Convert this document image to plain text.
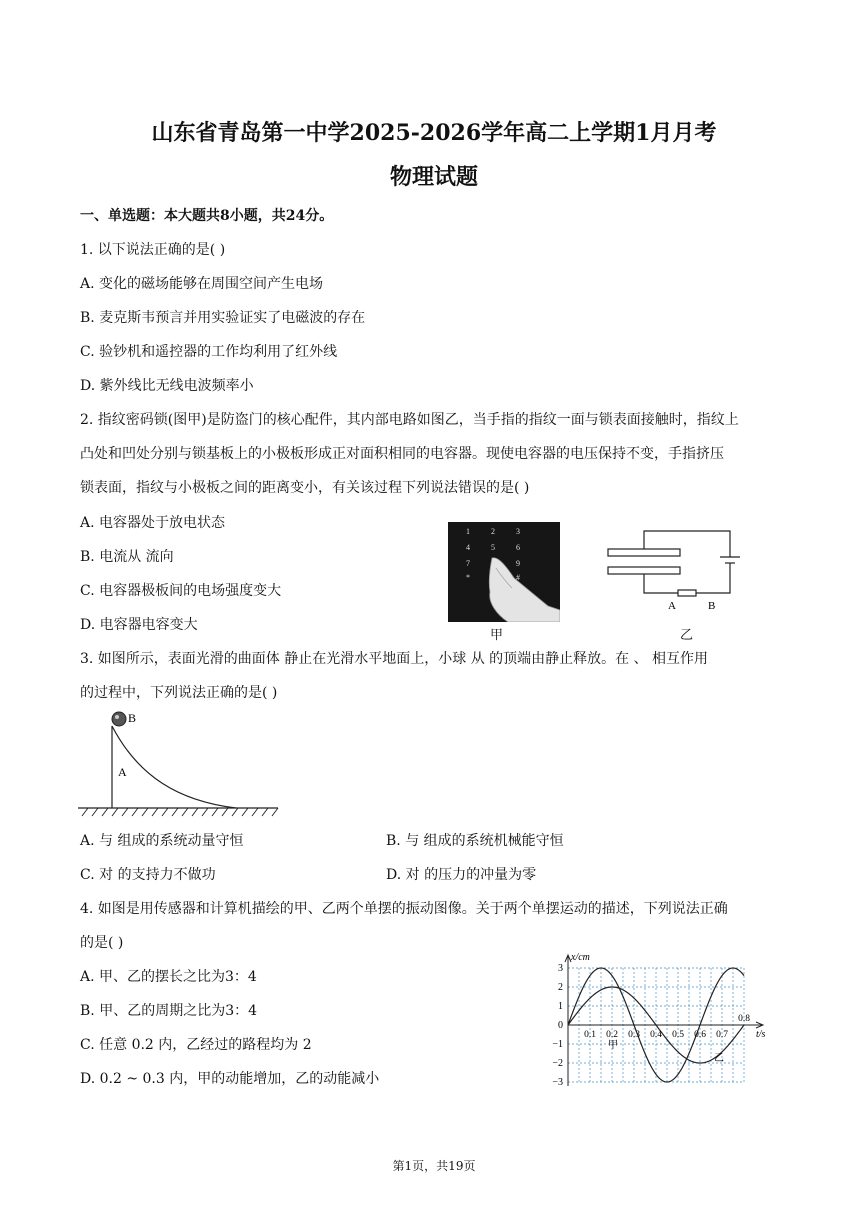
山东省青岛第一中学2025-2026学年高二上学期1月月考
物理试题
一、单选题：本大题共8小题，共24分。
1. 以下说法正确的是( )
A. 变化的磁场能够在周围空间产生电场
B. 麦克斯韦预言并用实验证实了电磁波的存在
C. 验钞机和遥控器的工作均利用了红外线
D. 紫外线比无线电波频率小
2. 指纹密码锁(图甲)是防盗门的核心配件，其内部电路如图乙，当手指的指纹一面与锁表面接触时，指纹上
凸处和凹处分别与锁基板上的小极板形成正对面积相同的电容器。现使电容器的电压保持不变，手指挤压
锁表面，指纹与小极板之间的距离变小，有关该过程下列说法错误的是( )
A. 电容器处于放电状态
B. 电流从 流向
C. 电容器极板间的电场强度变大
D. 电容器电容变大
1	2	3
4	5	6
7	9
*	#
甲
A	B
乙
3. 如图所示，表面光滑的曲面体 静止在光滑水平地面上，小球 从 的顶端由静止释放。在 、 相互作用
的过程中，下列说法正确的是( )
B
A
A. 与 组成的系统动量守恒	B. 与 组成的系统机械能守恒
C. 对 的支持力不做功	D. 对 的压力的冲量为零
4. 如图是用传感器和计算机描绘的甲、乙两个单摆的振动图像。关于两个单摆运动的描述，下列说法正确
的是( )
A. 甲、乙的摆长之比为3：4
B. 甲、乙的周期之比为3：4
C. 任意 0.2 内，乙经过的路程均为 2
D. 0.2 ~ 0.3 内，甲的动能增加，乙的动能减小
x/cm
t/s
3
2
1
0
−1
−2
−3
0.1 0.2 0.3 0.4 0.5 0.6 0.7
0.8
甲
乙
第1页，共19页
